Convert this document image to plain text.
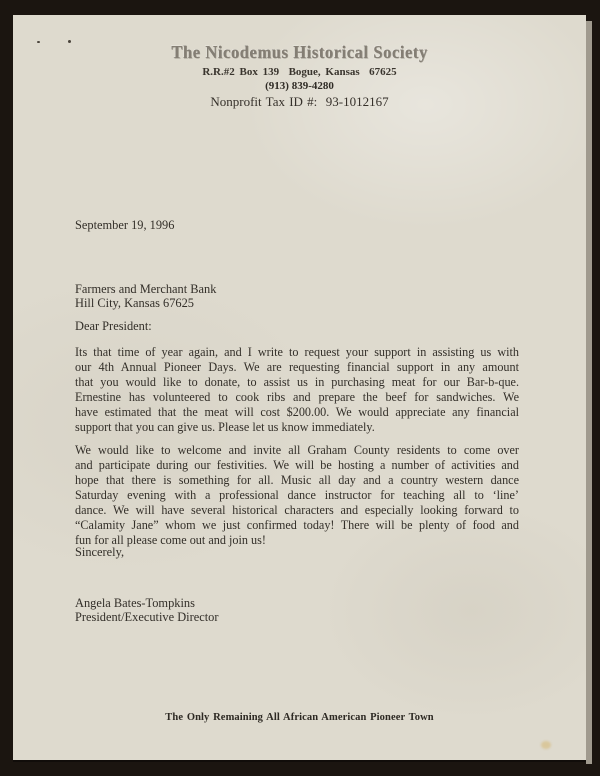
The Nicodemus Historical Society
R.R.#2 Box 139  Bogue, Kansas  67625
(913) 839-4280
Nonprofit Tax ID #:  93-1012167
September 19, 1996
Farmers and Merchant Bank
Hill City, Kansas 67625
Dear President:
Its that time of year again, and I write to request your support in assisting us with
our 4th Annual Pioneer Days. We are requesting financial support in any amount
that you would like to donate, to assist us in purchasing meat for our Bar-b-que.
Ernestine has volunteered to cook ribs and prepare the beef for sandwiches. We
have estimated that the meat will cost $200.00. We would appreciate any financial
support that you can give us. Please let us know immediately.
We would like to welcome and invite all Graham County residents to come over
and participate during our festivities. We will be hosting a number of activities and
hope that there is something for all. Music all day and a country western dance
Saturday evening with a professional dance instructor for teaching all to ‘line’
dance. We will have several historical characters and especially looking forward to
“Calamity Jane” whom we just confirmed today! There will be plenty of food and
fun for all please come out and join us!
Sincerely,
Angela Bates-Tompkins
President/Executive Director
The Only Remaining All African American Pioneer Town
